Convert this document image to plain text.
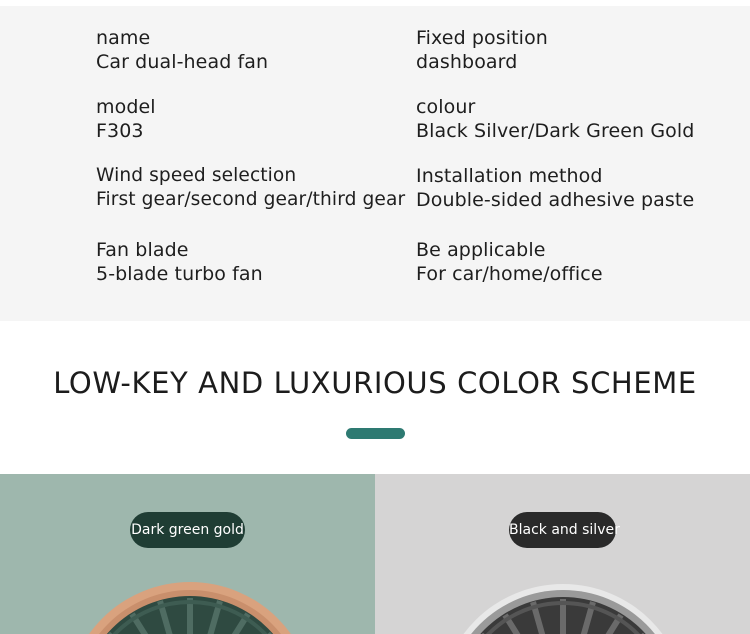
name
Car dual-head fan
Fixed position
dashboard
model
F303
colour
Black Silver/Dark Green Gold
Wind speed selection
First gear/second gear/third gear
Installation method
Double-sided adhesive paste
Fan blade
5-blade turbo fan
Be applicable
For car/home/office
LOW-KEY AND LUXURIOUS COLOR SCHEME
Dark green gold	Black and silver
